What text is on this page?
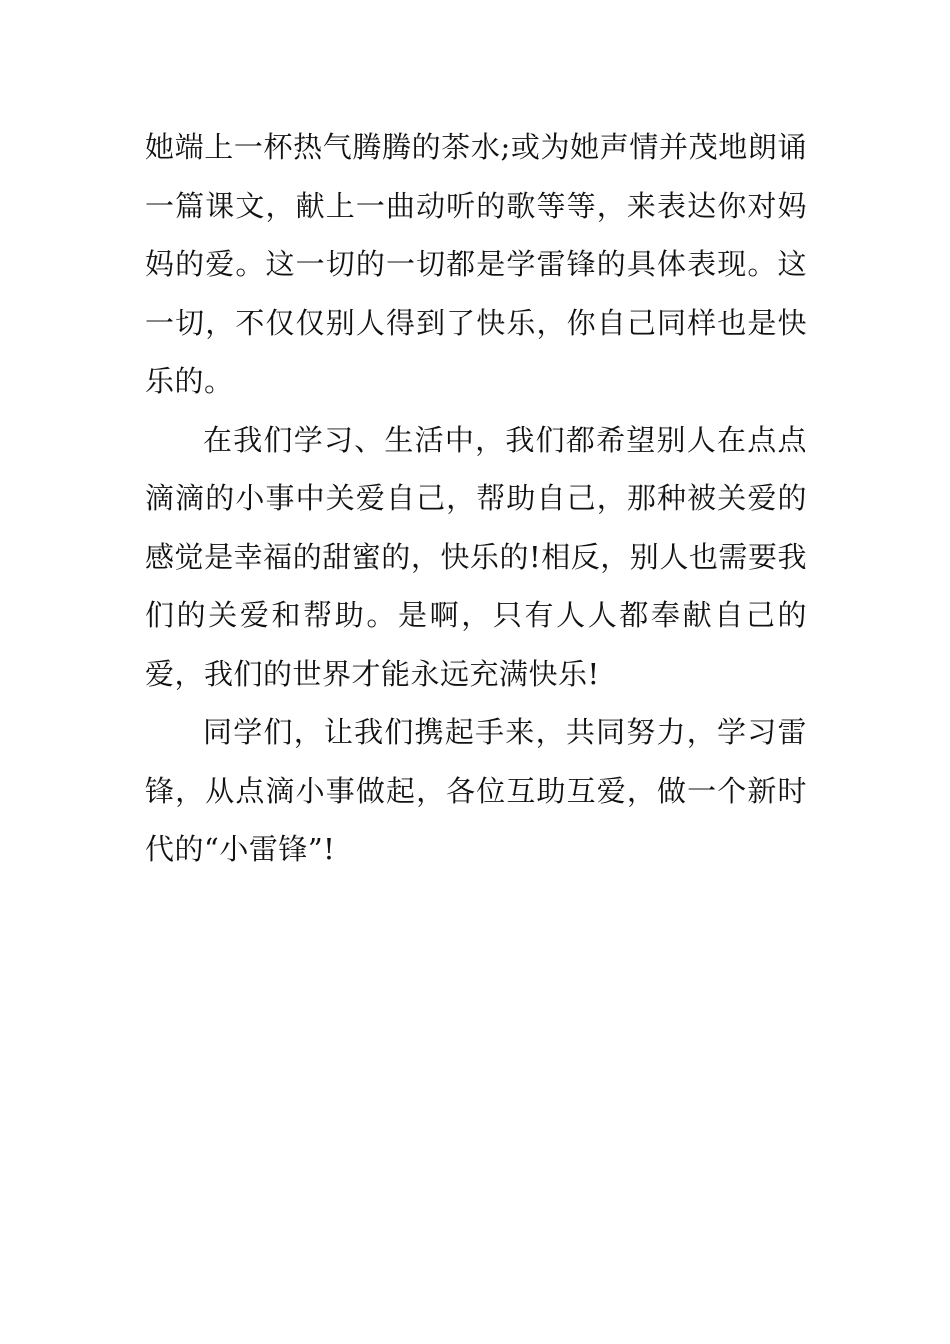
她端上一杯热气腾腾的茶水;或为她声情并茂地朗诵一篇课文，献上一曲动听的歌等等，来表达你对妈妈的爱。这一切的一切都是学雷锋的具体表现。这一切，不仅仅别人得到了快乐，你自己同样也是快乐的。

在我们学习、生活中，我们都希望别人在点点滴滴的小事中关爱自己，帮助自己，那种被关爱的感觉是幸福的甜蜜的，快乐的!相反，别人也需要我们的关爱和帮助。是啊，只有人人都奉献自己的爱，我们的世界才能永远充满快乐!

同学们，让我们携起手来，共同努力，学习雷锋，从点滴小事做起，各位互助互爱，做一个新时代的“小雷锋”!
